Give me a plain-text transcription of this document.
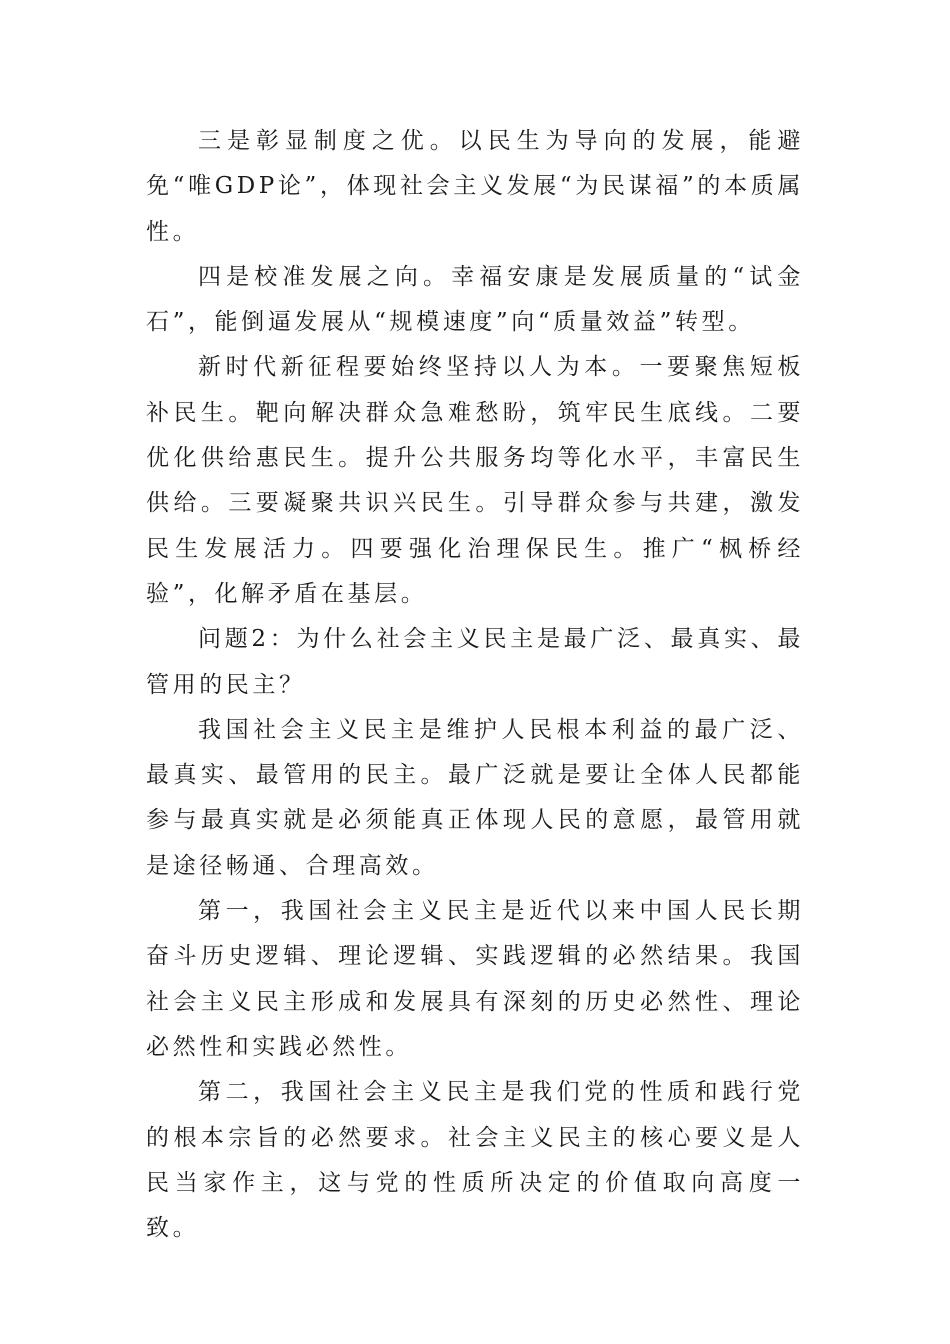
三是彰显制度之优。以民生为导向的发展，能避免“唯GDP论”，体现社会主义发展“为民谋福”的本质属性。

四是校准发展之向。幸福安康是发展质量的“试金石”，能倒逼发展从“规模速度”向“质量效益”转型。

新时代新征程要始终坚持以人为本。一要聚焦短板补民生。靶向解决群众急难愁盼，筑牢民生底线。二要优化供给惠民生。提升公共服务均等化水平，丰富民生供给。三要凝聚共识兴民生。引导群众参与共建，激发民生发展活力。四要强化治理保民生。推广“枫桥经验”，化解矛盾在基层。

问题2：为什么社会主义民主是最广泛、最真实、最管用的民主？

我国社会主义民主是维护人民根本利益的最广泛、最真实、最管用的民主。最广泛就是要让全体人民都能参与最真实就是必须能真正体现人民的意愿，最管用就是途径畅通、合理高效。

第一，我国社会主义民主是近代以来中国人民长期奋斗历史逻辑、理论逻辑、实践逻辑的必然结果。我国社会主义民主形成和发展具有深刻的历史必然性、理论必然性和实践必然性。

第二，我国社会主义民主是我们党的性质和践行党的根本宗旨的必然要求。社会主义民主的核心要义是人民当家作主，这与党的性质所决定的价值取向高度一致。
